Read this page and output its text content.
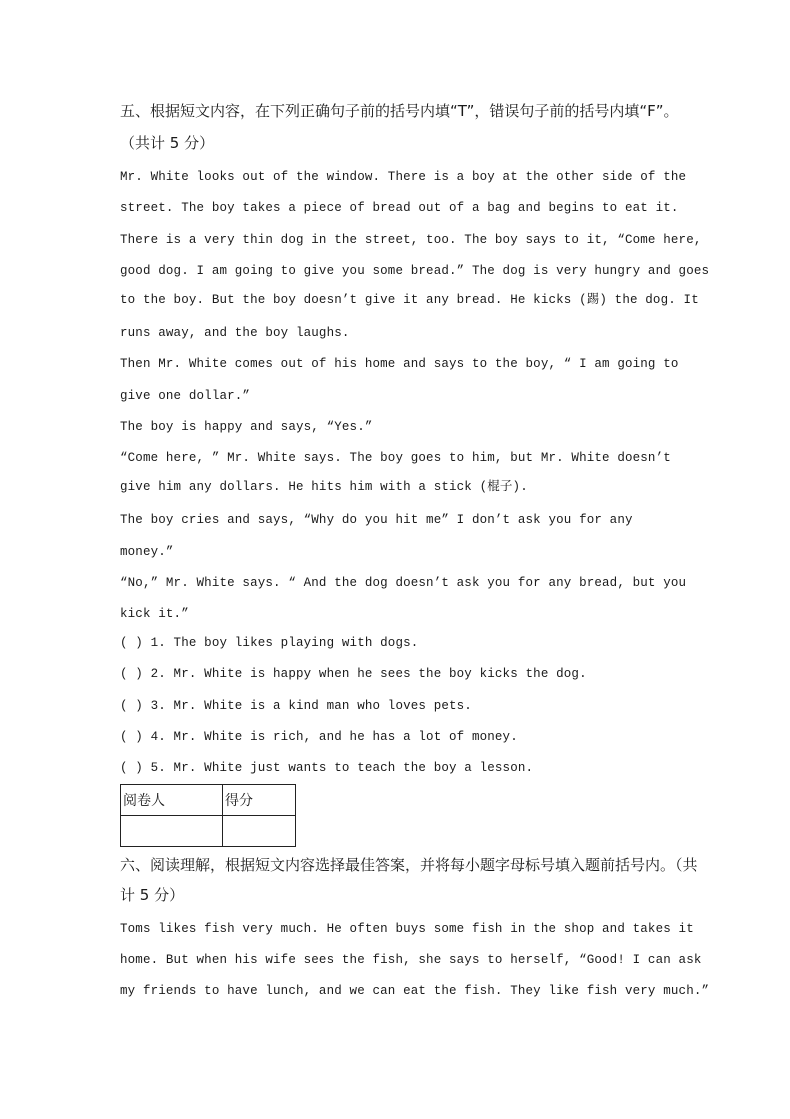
五、根据短文内容，在下列正确句子前的括号内填“T”，错误句子前的括号内填“F”。
（共计 5 分）
Mr. White looks out of the window. There is a boy at the other side of the
street. The boy takes a piece of bread out of a bag and begins to eat it.
There is a very thin dog in the street, too. The boy says to it, “Come here,
good dog. I am going to give you some bread.” The dog is very hungry and goes
to the boy. But the boy doesn’t give it any bread. He kicks (踢) the dog. It
runs away, and the boy laughs.
Then Mr. White comes out of his home and says to the boy, “ I am going to
give one dollar.”
The boy is happy and says, “Yes.”
“Come here, ” Mr. White says. The boy goes to him, but Mr. White doesn’t
give him any dollars. He hits him with a stick (棍子).
The boy cries and says, “Why do you hit me” I don’t ask you for any
money.”
“No,” Mr. White says. “ And the dog doesn’t ask you for any bread, but you
kick it.”
( ) 1. The boy likes playing with dogs.
( ) 2. Mr. White is happy when he sees the boy kicks the dog.
( ) 3. Mr. White is a kind man who loves pets.
( ) 4. Mr. White is rich, and he has a lot of money.
( ) 5. Mr. White just wants to teach the boy a lesson.
阅卷人	得分

六、阅读理解，根据短文内容选择最佳答案，并将每小题字母标号填入题前括号内。（共
计 5 分）
Toms likes fish very much. He often buys some fish in the shop and takes it
home. But when his wife sees the fish, she says to herself, “Good! I can ask
my friends to have lunch, and we can eat the fish. They like fish very much.”
